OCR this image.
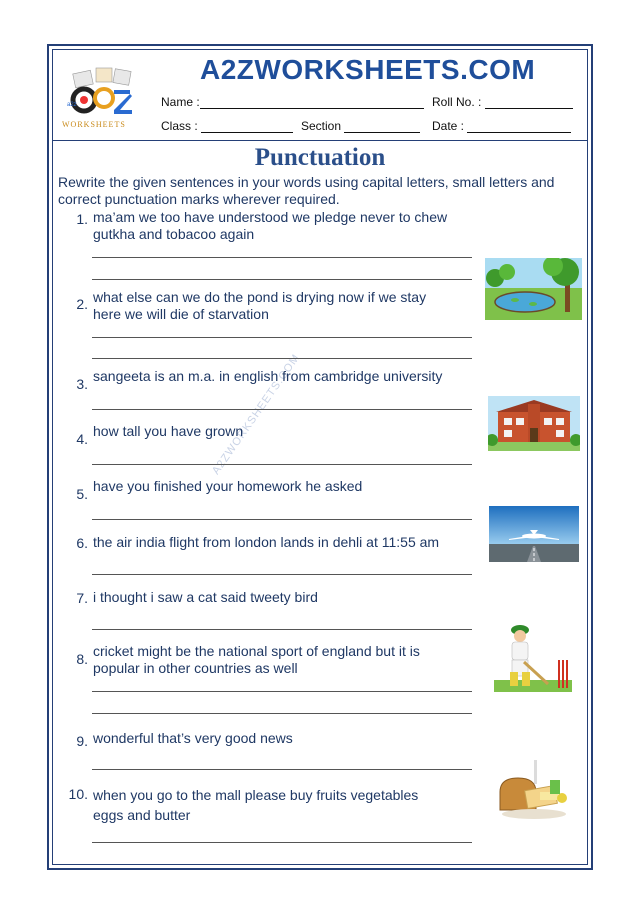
a2z
WORKSHEETS
A2ZWORKSHEETS.COM
Name :	Roll No. :
Class :	Section	Date :
Punctuation
Rewrite the given sentences in your words using capital letters, small letters and correct punctuation marks wherever required.
A2ZWORKSHEETS.COM
1. ma’am we too have understood we pledge never to chew
gutkha and tobacoo again
2. what else can we do the pond is drying now if we stay
here we will die of starvation
3. sangeeta is an m.a. in english from cambridge university
4. how tall you have grown
5. have you finished your homework he asked
6. the air india flight from london lands in dehli at 11:55 am
7. i thought i saw a cat said tweety bird
8. cricket might be the national sport of england but it is
popular in other countries as well
9. wonderful that’s very good news
10. when you go to the mall please buy fruits vegetables
eggs and butter
